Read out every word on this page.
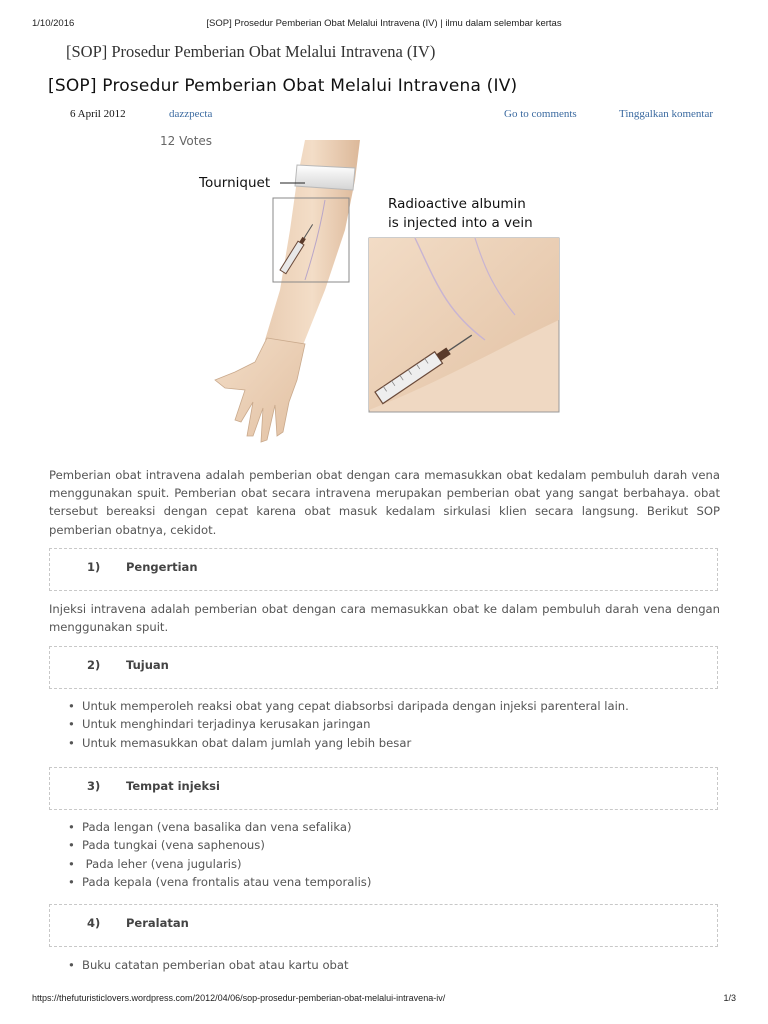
1/10/2016	[SOP] Prosedur Pemberian Obat Melalui Intravena (IV) | ilmu dalam selembar kertas
[SOP] Prosedur Pemberian Obat Melalui Intravena (IV)
[SOP] Prosedur Pemberian Obat Melalui Intravena (IV)
6 April 2012	dazzpecta	Go to comments	Tinggalkan komentar
12 Votes
Tourniquet
Radioactive albumin
is injected into a vein

Pemberian obat intravena adalah pemberian obat dengan cara memasukkan obat kedalam pembuluh darah vena menggunakan spuit. Pemberian obat secara intravena merupakan pemberian obat yang sangat berbahaya. obat tersebut bereaksi dengan cepat karena obat masuk kedalam sirkulasi klien secara langsung. Berikut SOP pemberian obatnya, cekidot.

1) Pengertian

Injeksi intravena adalah pemberian obat dengan cara memasukkan obat ke dalam pembuluh darah vena dengan menggunakan spuit.

2) Tujuan
• Untuk memperoleh reaksi obat yang cepat diabsorbsi daripada dengan injeksi parenteral lain.
• Untuk menghindari terjadinya kerusakan jaringan
• Untuk memasukkan obat dalam jumlah yang lebih besar
3) Tempat injeksi
• Pada lengan (vena basalika dan vena sefalika)
• Pada tungkai (vena saphenous)
• Pada leher (vena jugularis)
• Pada kepala (vena frontalis atau vena temporalis)
4) Peralatan
• Buku catatan pemberian obat atau kartu obat
https://thefuturisticlovers.wordpress.com/2012/04/06/sop-prosedur-pemberian-obat-melalui-intravena-iv/	1/3
